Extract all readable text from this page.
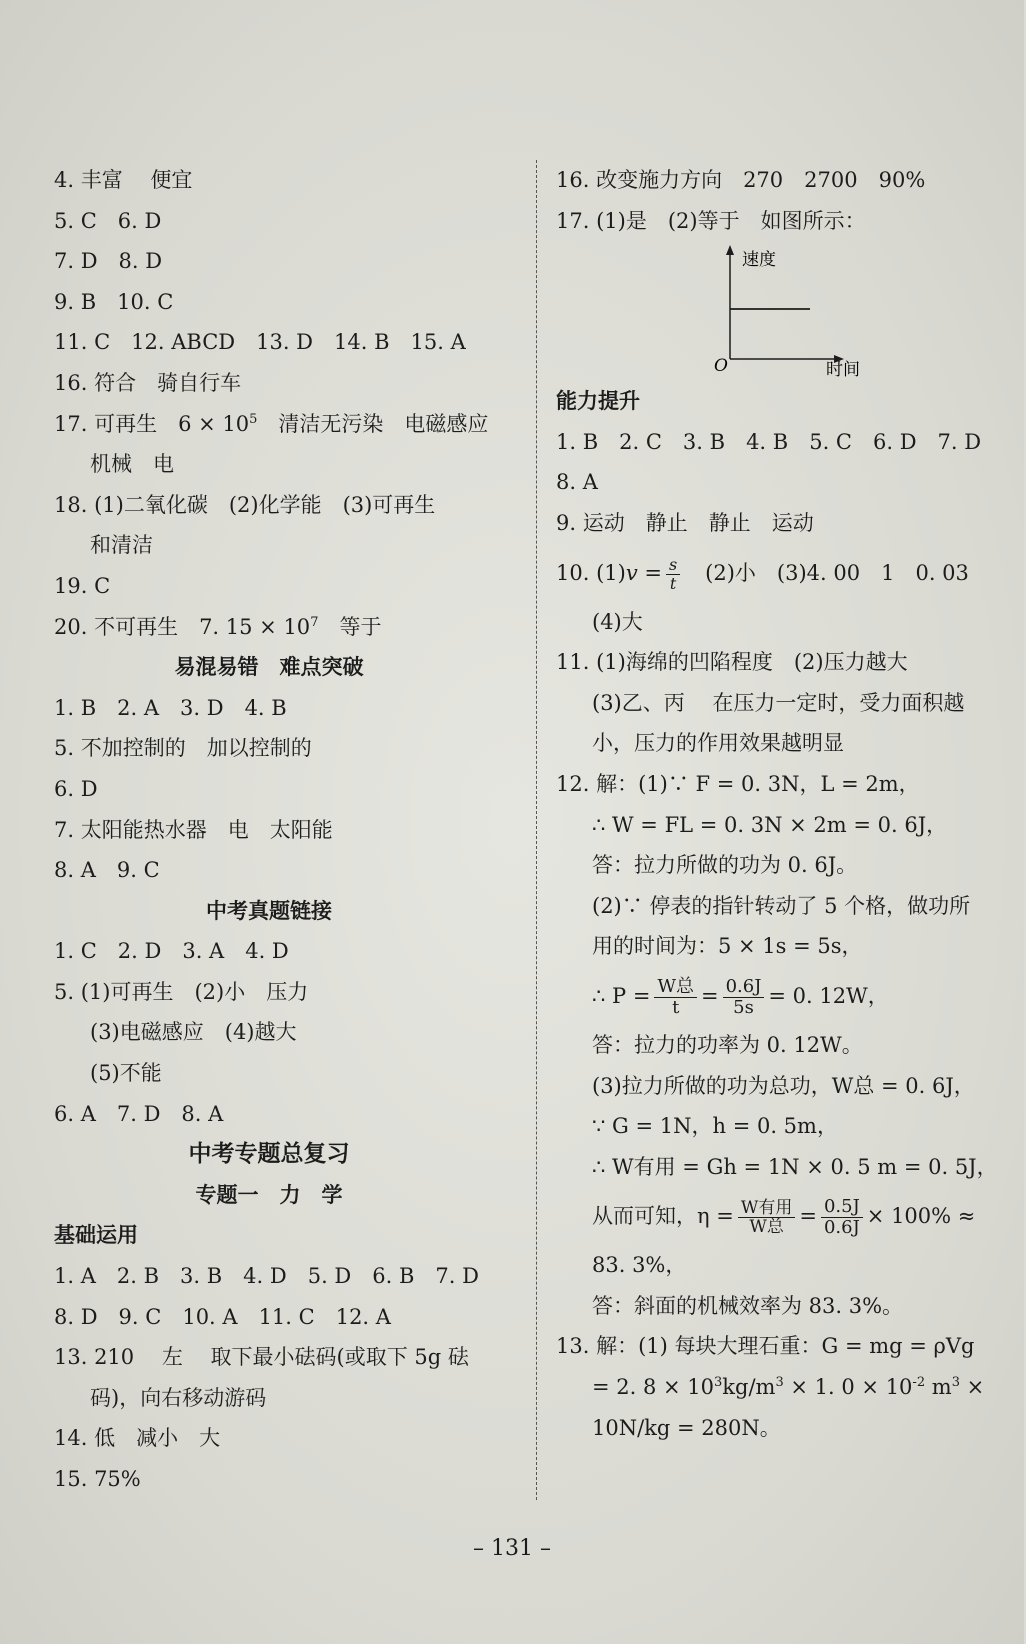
4. 丰富　 便宜
5. C　6. D
7. D　8. D
9. B　10. C
11. C　12. ABCD　13. D　14. B　15. A
16. 符合　骑自行车
17. 可再生　$6 \times 10^5$　清洁无污染　电磁感应
机械　电
18. (1)二氧化碳　(2)化学能　(3)可再生
和清洁
19. C
20. 不可再生　7. $15 \times 10^7$　等于
易混易错　难点突破
1. B　2. A　3. D　4. B
5. 不加控制的　加以控制的
6. D
7. 太阳能热水器　电　太阳能
8. A　9. C
中考真题链接
1. C　2. D　3. A　4. D
5. (1)可再生　(2)小　压力
(3)电磁感应　(4)越大
(5)不能
6. A　7. D　8. A
中考专题总复习
专题一　力　学
基础运用
1. A　2. B　3. B　4. D　5. D　6. B　7. D
8. D　9. C　10. A　11. C　12. A
13. 210　 左　 取下最小砝码(或取下 5g 砝
码)，向右移动游码
14. 低　减小　大
15. 75%
16. 改变施力方向　270　2700　90%
17. (1)是　(2)等于　如图所示：
速度
O	时间
能力提升
1. B　2. C　3. B　4. B　5. C　6. D　7. D
8. A
9. 运动　静止　静止　运动
10. $(1)v = \frac{s}{t}$ 　(2)小　(3)4. 00　1　0. 03
(4)大
11. (1)海绵的凹陷程度　(2)压力越大
(3)乙、丙　 在压力一定时，受力面积越
小，压力的作用效果越明显
12. 解：(1)∵ F = 0. 3N，L = 2m，
∴ W = FL = 0. 3N × 2m = 0. 6J，
答：拉力所做的功为 0. 6J。
(2)∵ 停表的指针转动了 5 个格，做功所
用的时间为：5 × 1s = 5s，
∴ $P = \frac{\text{W总}}{t} = \frac{0.6J}{5s} = 0$. 12W，
答：拉力的功率为 0. 12W。
(3)拉力所做的功为总功，W总 = 0. 6J，
∵ G = 1N，h = 0. 5m，
∴ W有用 = Gh = 1N × 0. 5 m = 0. 5J，
从而可知，$\eta = \frac{\text{W有用}}{\text{W总}} = \frac{0.5J}{0.6J} \times 100\%$ ≈
83. 3%，
答：斜面的机械效率为 83. 3%。
13. 解：(1) 每块大理石重：G = mg = ρVg
= 2. $8 \times 10^3kg/m^3 \times 1$. $0 \times 10^{-2}$ $m^3$ ×
10N/kg = 280N。
– 131 –
